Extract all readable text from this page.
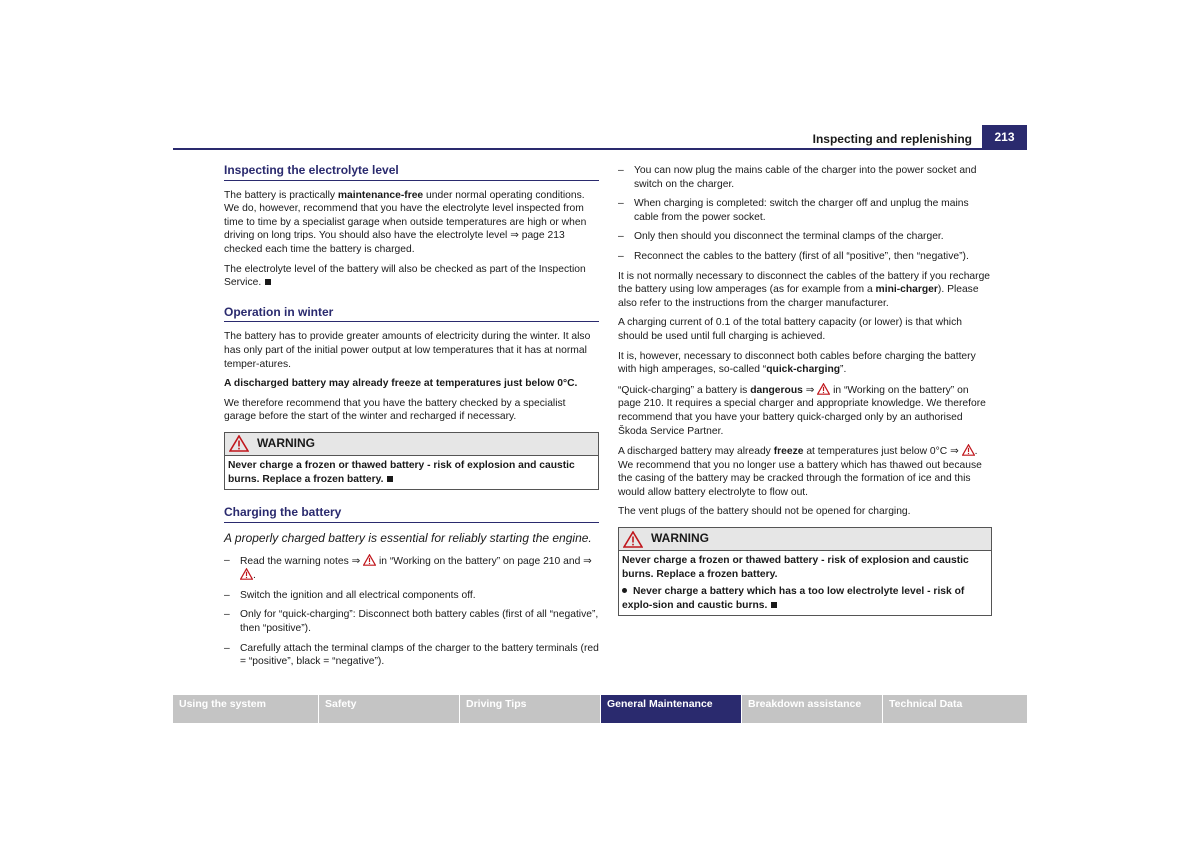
Inspecting and replenishing	213
Inspecting the electrolyte level

The battery is practically maintenance-free under normal operating conditions. We do, however, recommend that you have the electrolyte level inspected from time to time by a specialist garage when outside temperatures are high or when driving on long trips. You should also have the electrolyte level ⇒ page 213 checked each time the battery is charged.

The electrolyte level of the battery will also be checked as part of the Inspection Service.

Operation in winter

The battery has to provide greater amounts of electricity during the winter. It also has only part of the initial power output at low temperatures that it has at normal temper-atures.

A discharged battery may already freeze at temperatures just below 0°C.

We therefore recommend that you have the battery checked by a specialist garage before the start of the winter and recharged if necessary.

WARNING

Never charge a frozen or thawed battery - risk of explosion and caustic burns. Replace a frozen battery.

Charging the battery

A properly charged battery is essential for reliably starting the engine.

– Read the warning notes ⇒  in “Working on the battery” on page 210 and ⇒ .
– Switch the ignition and all electrical components off.
– Only for “quick-charging”: Disconnect both battery cables (first of all “negative”, then “positive”).
– Carefully attach the terminal clamps of the charger to the battery terminals (red = “positive”, black = “negative”).
– You can now plug the mains cable of the charger into the power socket and switch on the charger.
– When charging is completed: switch the charger off and unplug the mains cable from the power socket.
– Only then should you disconnect the terminal clamps of the charger.
– Reconnect the cables to the battery (first of all “positive”, then “negative”).

It is not normally necessary to disconnect the cables of the battery if you recharge the battery using low amperages (as for example from a mini-charger). Please also refer to the instructions from the charger manufacturer.

A charging current of 0.1 of the total battery capacity (or lower) is that which should be used until full charging is achieved.

It is, however, necessary to disconnect both cables before charging the battery with high amperages, so-called “quick-charging”.

“Quick-charging” a battery is dangerous ⇒  in “Working on the battery” on page 210. It requires a special charger and appropriate knowledge. We therefore recommend that you have your battery quick-charged only by an authorised Škoda Service Partner.

A discharged battery may already freeze at temperatures just below 0°C ⇒ . We recommend that you no longer use a battery which has thawed out because the casing of the battery may be cracked through the formation of ice and this would allow battery electrolyte to flow out.

The vent plugs of the battery should not be opened for charging.

WARNING

Never charge a frozen or thawed battery - risk of explosion and caustic burns. Replace a frozen battery.

Never charge a battery which has a too low electrolyte level - risk of explo-sion and caustic burns.

Using the system	Safety	Driving Tips	General Maintenance	Breakdown assistance	Technical Data
